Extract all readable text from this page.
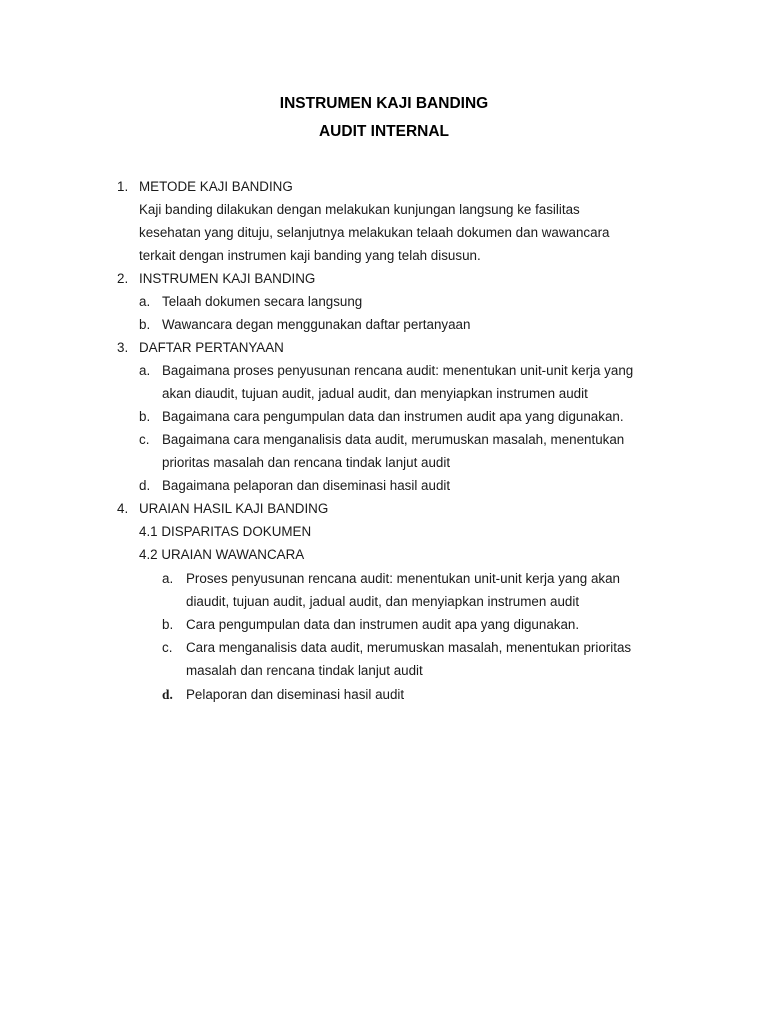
INSTRUMEN KAJI BANDING
AUDIT INTERNAL
1. METODE KAJI BANDING
Kaji banding dilakukan dengan melakukan kunjungan langsung ke fasilitas
kesehatan yang dituju, selanjutnya melakukan telaah dokumen dan wawancara
terkait dengan instrumen kaji banding yang telah disusun.
2. INSTRUMEN KAJI BANDING
a. Telaah dokumen secara langsung
b. Wawancara degan menggunakan daftar pertanyaan
3. DAFTAR PERTANYAAN
a. Bagaimana proses penyusunan rencana audit: menentukan unit-unit kerja yang
akan diaudit, tujuan audit, jadual audit, dan menyiapkan instrumen audit
b. Bagaimana cara pengumpulan data dan instrumen audit apa yang digunakan.
c. Bagaimana cara menganalisis data audit, merumuskan masalah, menentukan
prioritas masalah dan rencana tindak lanjut audit
d. Bagaimana pelaporan dan diseminasi hasil audit
4. URAIAN HASIL KAJI BANDING
4.1 DISPARITAS DOKUMEN
4.2 URAIAN WAWANCARA
a. Proses penyusunan rencana audit: menentukan unit-unit kerja yang akan
diaudit, tujuan audit, jadual audit, dan menyiapkan instrumen audit
b. Cara pengumpulan data dan instrumen audit apa yang digunakan.
c. Cara menganalisis data audit, merumuskan masalah, menentukan prioritas
masalah dan rencana tindak lanjut audit
d. Pelaporan dan diseminasi hasil audit
